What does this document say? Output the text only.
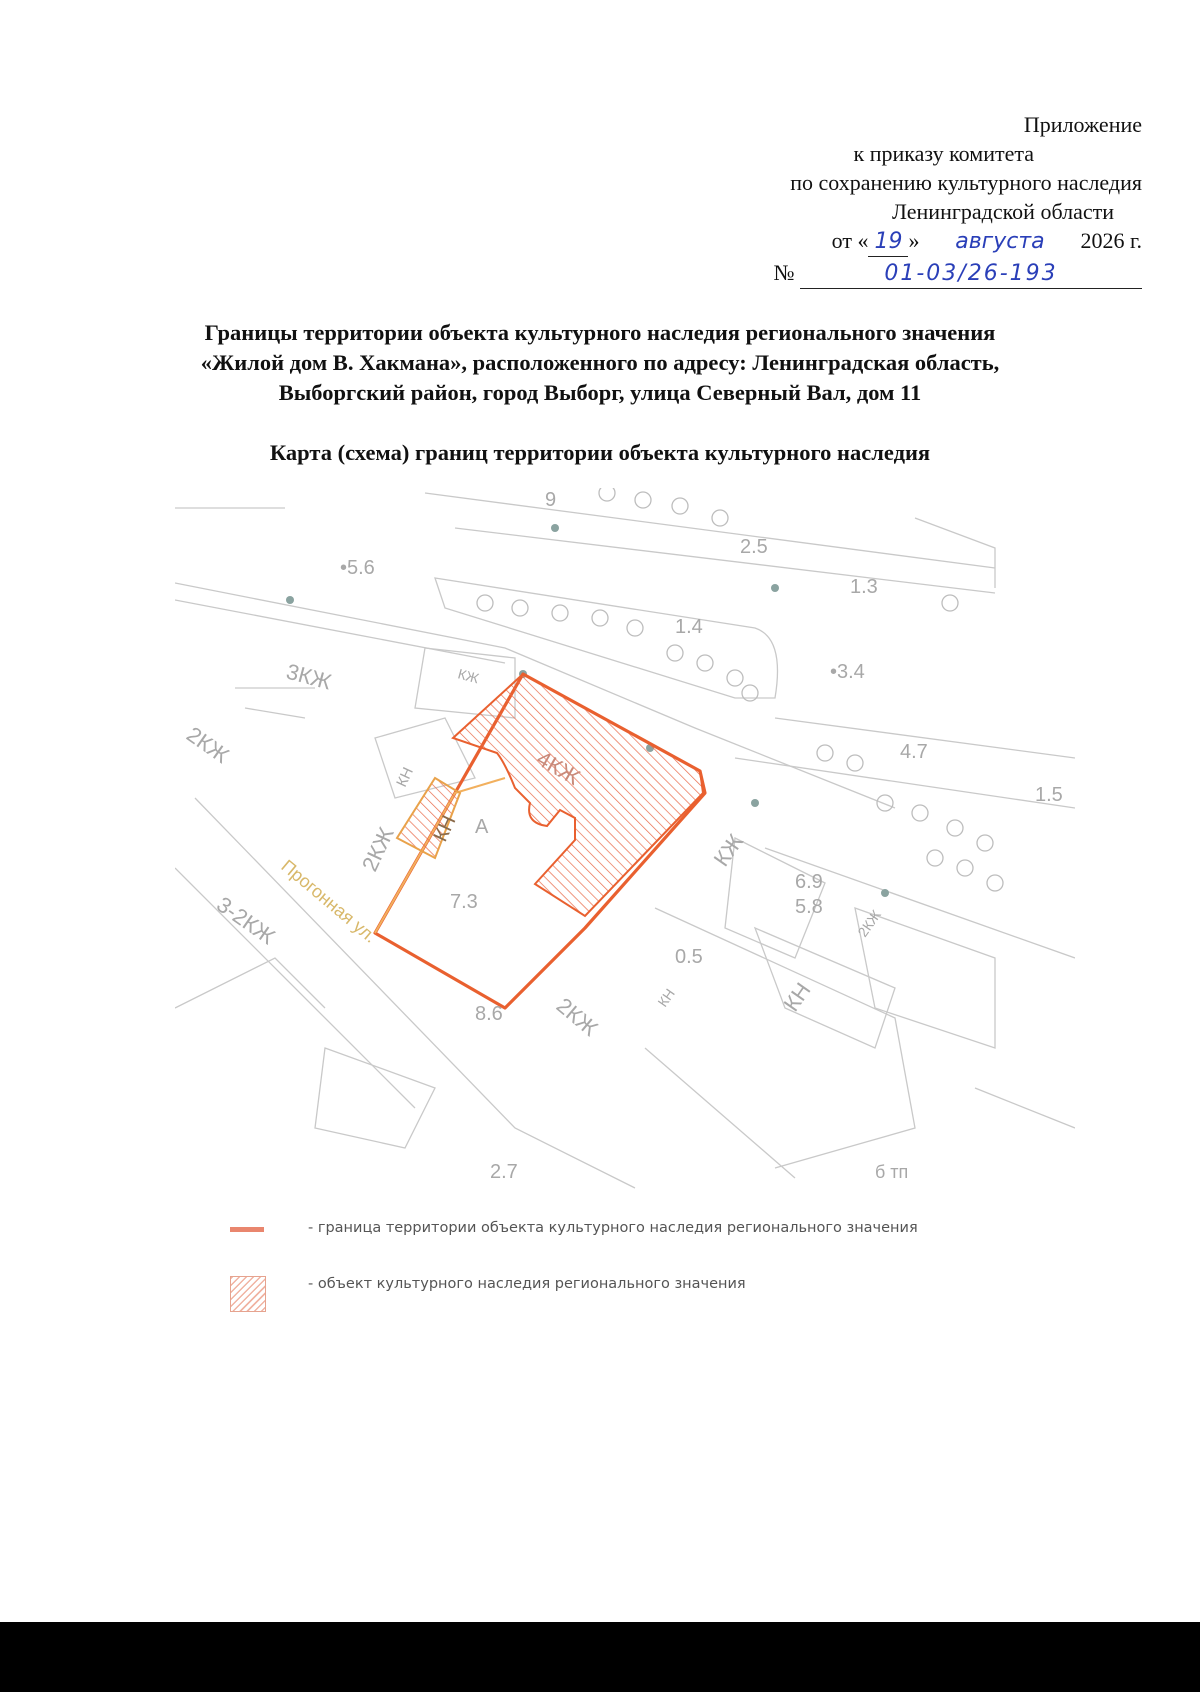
Приложение
к приказу комитета
по сохранению культурного наследия
Ленинградской области
от « 19 » августа 2026 г.
№	01-03/26-193
Границы территории объекта культурного наследия регионального значения
«Жилой дом В. Хакмана», расположенного по адресу: Ленинградская область,
Выборгский район, город Выборг, улица Северный Вал, дом 11
Карта (схема) границ территории объекта культурного наследия
•5.6
2.5
1.3
1.4
•3.4
4.7
1.5
7.3
6.9
5.8
0.5
8.6
2.7
9
3КЖ
2КЖ
КЖ
4КЖ
КН
КН
2КЖ
3-2КЖ
КЖ
2КЖ	КН	КН
2КЖ
А
Прогонная ул.
б тп
- граница территории объекта культурного наследия регионального значения
- объект культурного наследия регионального значения
